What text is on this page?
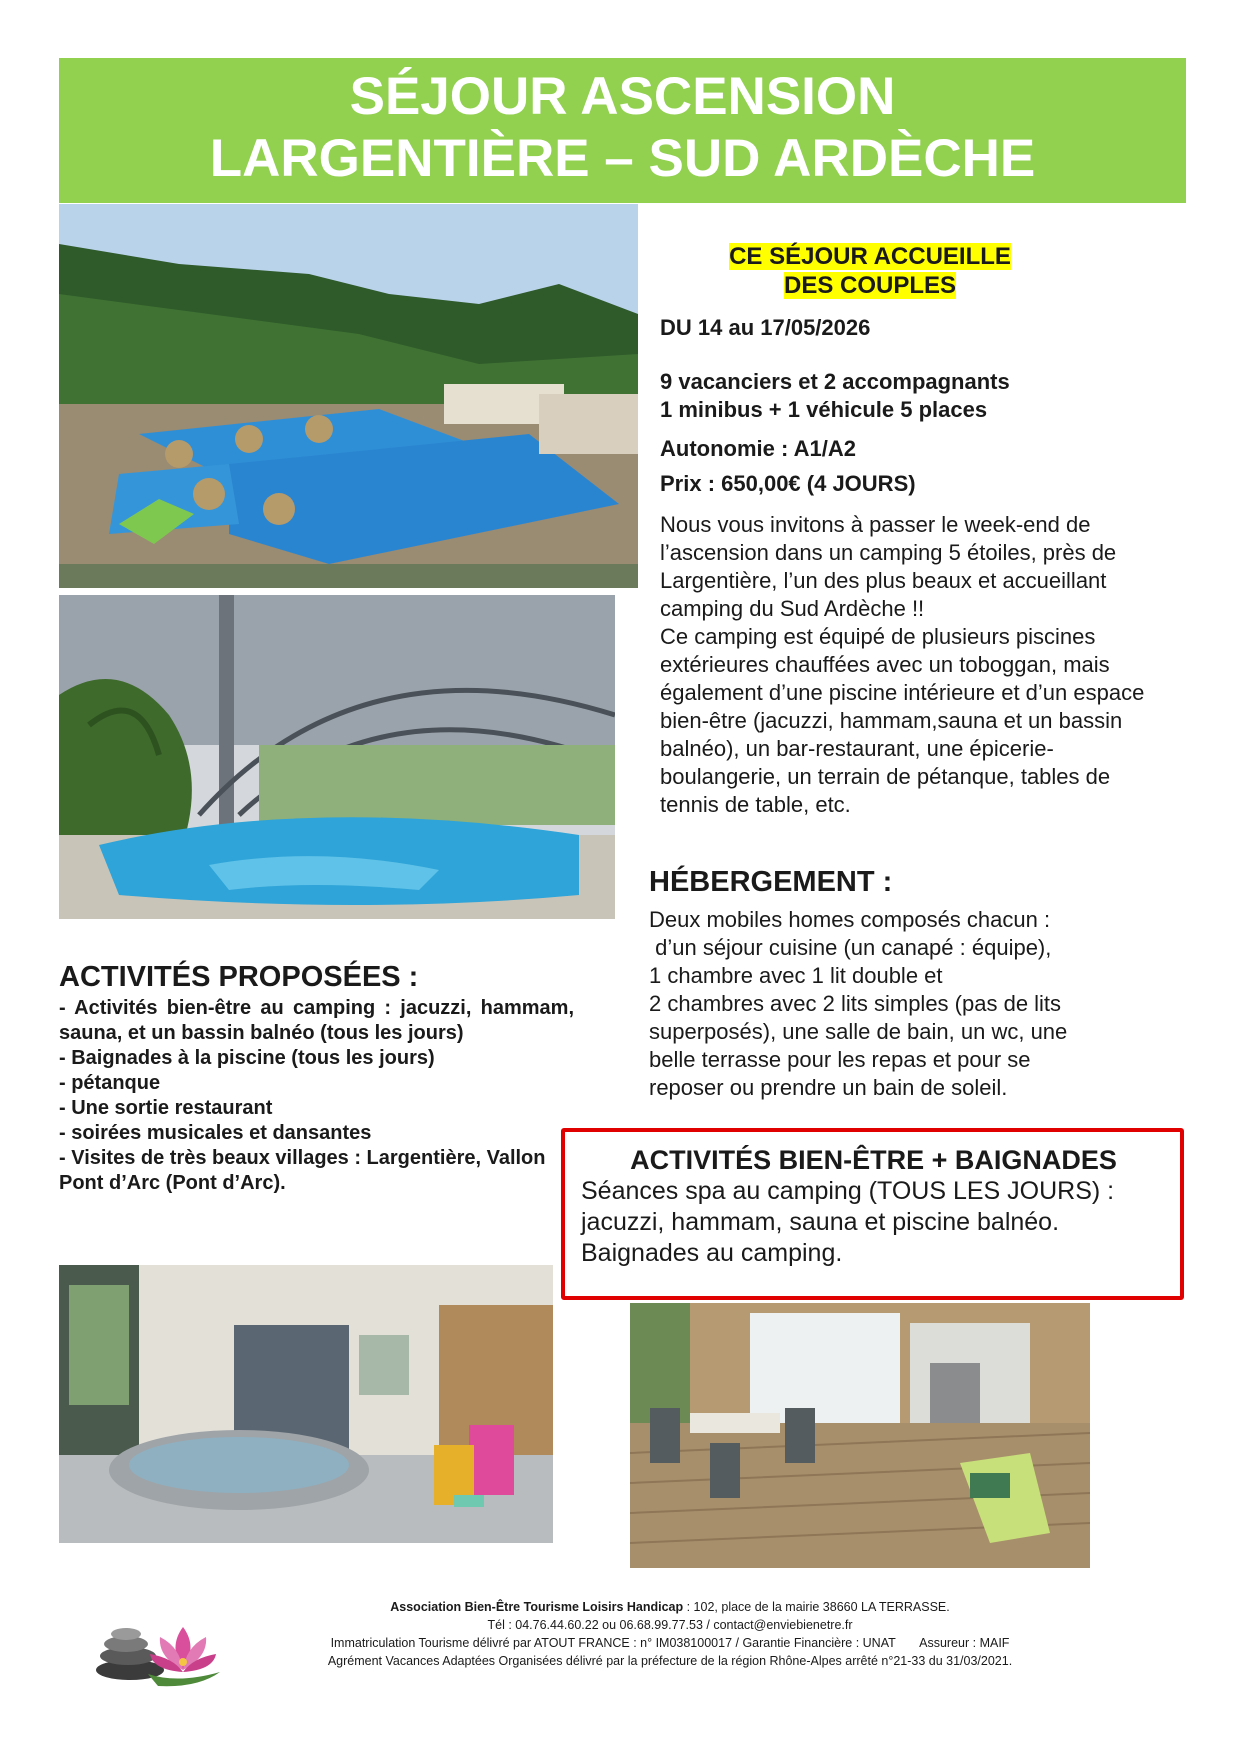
SÉJOUR ASCENSION
LARGENTIÈRE – SUD ARDÈCHE
CE SÉJOUR ACCUEILLE
DES COUPLES
DU 14 au 17/05/2026
9 vacanciers et 2 accompagnants
1 minibus + 1 véhicule 5 places
Autonomie : A1/A2
Prix : 650,00€ (4 JOURS)

Nous vous invitons à passer le week-end de l’ascension dans un camping 5 étoiles, près de Largentière, l’un des plus beaux et accueillant camping du Sud Ardèche !!

Ce camping est équipé de plusieurs piscines extérieures chauffées avec un toboggan, mais également d’une piscine intérieure et d’un espace bien-être (jacuzzi, hammam,sauna et un bassin balnéo), un bar-restaurant, une épicerie-boulangerie, un terrain de pétanque, tables de tennis de table, etc.

HÉBERGEMENT :
Deux mobiles homes composés chacun :
d’un séjour cuisine (un canapé : équipe),
1 chambre avec 1 lit double et
2 chambres avec 2 lits simples (pas de lits
superposés), une salle de bain, un wc, une
belle terrasse pour les repas et pour se
reposer ou prendre un bain de soleil.
ACTIVITÉS PROPOSÉES :
- Activités bien-être au camping : jacuzzi, hammam, sauna, et un bassin balnéo (tous les jours)
- Baignades à la piscine (tous les jours)
- pétanque
- Une sortie restaurant
- soirées musicales et dansantes
- Visites de très beaux villages : Largentière, Vallon Pont d’Arc (Pont d’Arc).
ACTIVITÉS BIEN-ÊTRE + BAIGNADES
Séances spa au camping (TOUS LES JOURS) :
jacuzzi, hammam, sauna et piscine balnéo.
Baignades au camping.
Association Bien-Être Tourisme Loisirs Handicap : 102, place de la mairie 38660 LA TERRASSE.
Tél : 04.76.44.60.22 ou 06.68.99.77.53 / contact@enviebienetre.fr
Immatriculation Tourisme délivré par ATOUT FRANCE : n° IM038100017 / Garantie Financière : UNAT       Assureur : MAIF
Agrément Vacances Adaptées Organisées délivré par la préfecture de la région Rhône-Alpes arrêté n°21-33 du 31/03/2021.
